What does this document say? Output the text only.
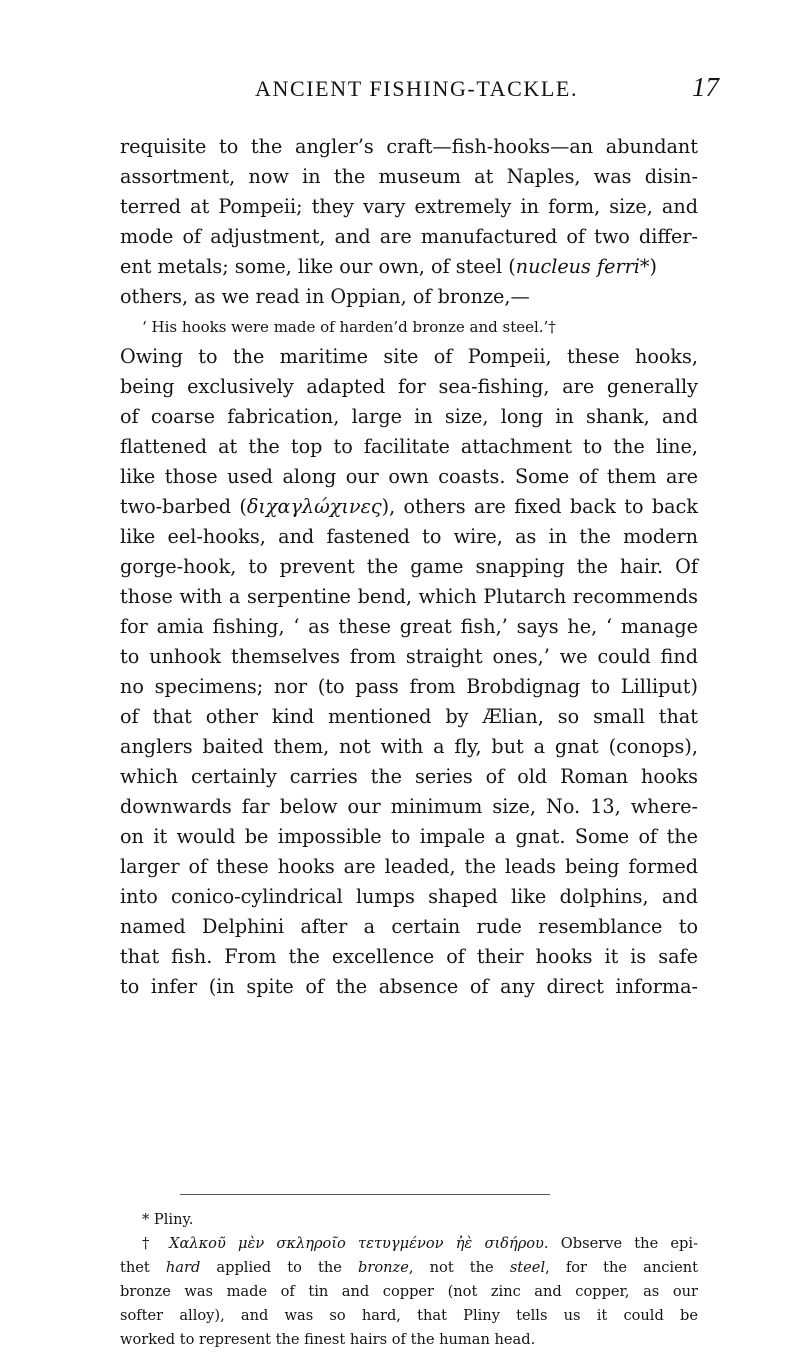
ANCIENT FISHING-TACKLE.	17
requisite to the angler’s craft—fish-hooks—an abundant
assortment, now in the museum at Naples, was disin-
terred at Pompeii; they vary extremely in form, size, and
mode of adjustment, and are manufactured of two differ-
ent metals; some, like our own, of steel (nucleus ferri*)
others, as we read in Oppian, of bronze,—
‘ His hooks were made of harden’d bronze and steel.’†
Owing to the maritime site of Pompeii, these hooks,
being exclusively adapted for sea-fishing, are generally
of coarse fabrication, large in size, long in shank, and
flattened at the top to facilitate attachment to the line,
like those used along our own coasts. Some of them are
two-barbed (διχαγλώχινες), others are fixed back to back
like eel-hooks, and fastened to wire, as in the modern
gorge-hook, to prevent the game snapping the hair. Of
those with a serpentine bend, which Plutarch recommends
for amia fishing, ‘ as these great fish,’ says he, ‘ manage
to unhook themselves from straight ones,’ we could find
no specimens; nor (to pass from Brobdignag to Lilliput)
of that other kind mentioned by Ælian, so small that
anglers baited them, not with a fly, but a gnat (conops),
which certainly carries the series of old Roman hooks
downwards far below our minimum size, No. 13, where-
on it would be impossible to impale a gnat. Some of the
larger of these hooks are leaded, the leads being formed
into conico-cylindrical lumps shaped like dolphins, and
named Delphini after a certain rude resemblance to
that fish. From the excellence of their hooks it is safe
to infer (in spite of the absence of any direct informa-
* Pliny.
† Χαλκοῦ μὲν σκληροῖο τετυγμένον ἠὲ σιδήρου. Observe the epi-
thet hard applied to the bronze, not the steel, for the ancient
bronze was made of tin and copper (not zinc and copper, as our
softer alloy), and was so hard, that Pliny tells us it could be
worked to represent the finest hairs of the human head.
